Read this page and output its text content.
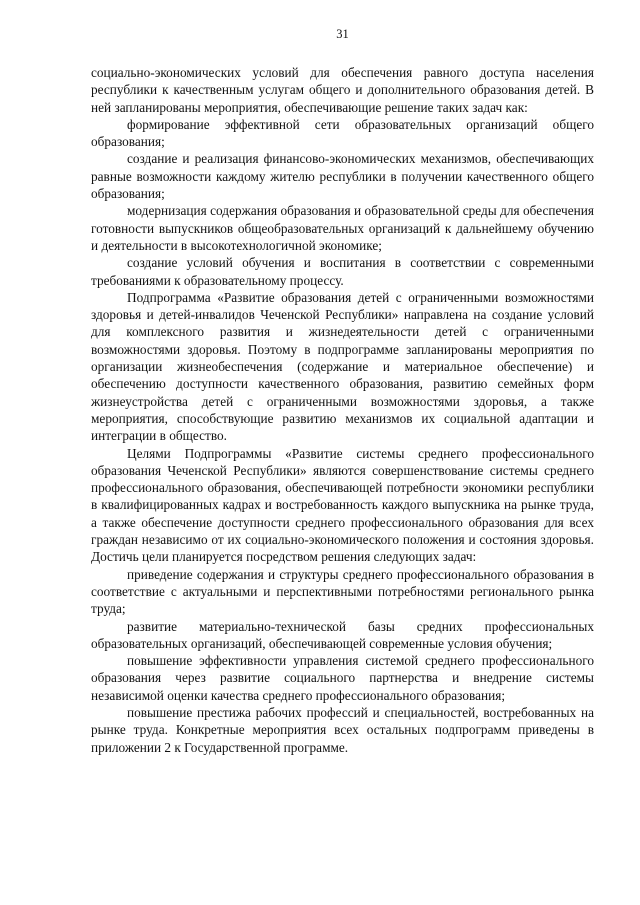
31

социально-экономических условий для обеспечения равного доступа населения республики к качественным услугам общего и дополнительного образования детей. В ней запланированы мероприятия, обеспечивающие решение таких задач как:

формирование эффективной сети образовательных организаций общего образования;

создание и реализация финансово-экономических механизмов, обеспечивающих равные возможности каждому жителю республики в получении качественного общего образования;

модернизация содержания образования и образовательной среды для обеспечения готовности выпускников общеобразовательных организаций к дальнейшему обучению и деятельности в высокотехнологичной экономике;

создание условий обучения и воспитания в соответствии с современными требованиями к образовательному процессу.

Подпрограмма «Развитие образования детей с ограниченными возможностями здоровья и детей-инвалидов Чеченской Республики» направлена на создание условий для комплексного развития и жизнедеятельности детей с ограниченными возможностями здоровья. Поэтому в подпрограмме запланированы мероприятия по организации жизнеобеспечения (содержание и материальное обеспечение) и обеспечению доступности качественного образования, развитию семейных форм жизнеустройства детей с ограниченными возможностями здоровья, а также мероприятия, способствующие развитию механизмов их социальной адаптации и интеграции в общество.

Целями Подпрограммы «Развитие системы среднего профессионального образования Чеченской Республики» являются совершенствование системы среднего профессионального образования, обеспечивающей потребности экономики республики в квалифицированных кадрах и востребованность каждого выпускника на рынке труда, а также обеспечение доступности среднего профессионального образования для всех граждан независимо от их социально-экономического положения и состояния здоровья. Достичь цели планируется посредством решения следующих задач:

приведение содержания и структуры среднего профессионального образования в соответствие с актуальными и перспективными потребностями регионального рынка труда;

развитие материально-технической базы средних профессиональных образовательных организаций, обеспечивающей современные условия обучения;

повышение эффективности управления системой среднего профессионального образования через развитие социального партнерства и внедрение системы независимой оценки качества среднего профессионального образования;

повышение престижа рабочих профессий и специальностей, востребованных на рынке труда. Конкретные мероприятия всех остальных подпрограмм приведены в приложении 2 к Государственной программе.
